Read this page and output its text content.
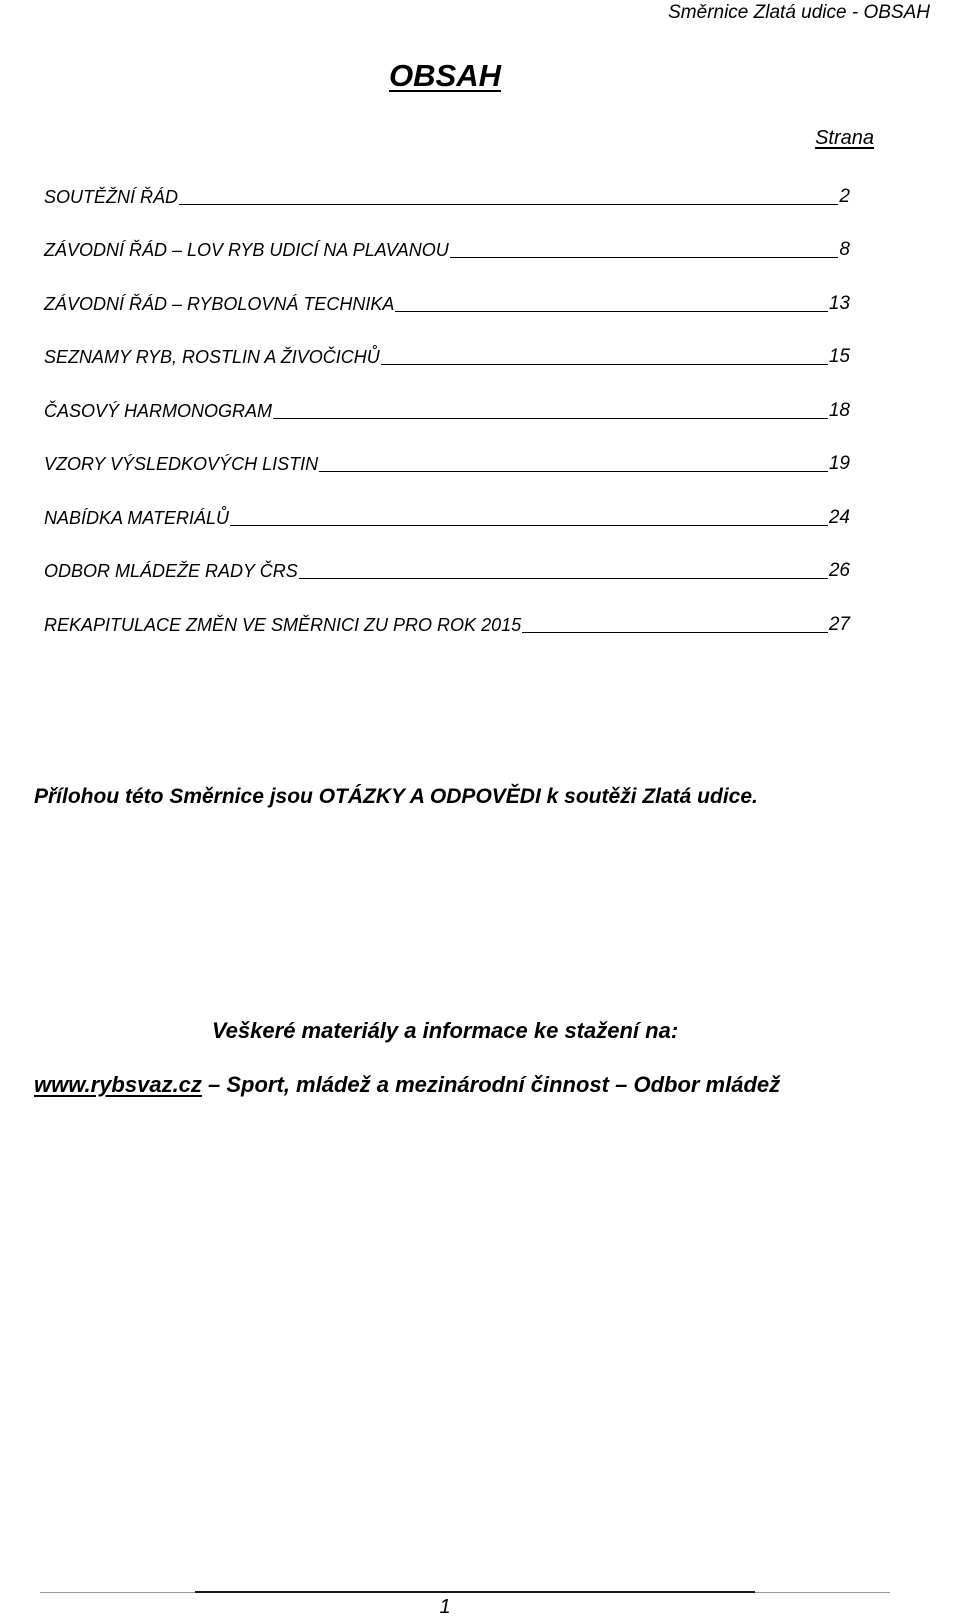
Směrnice Zlatá udice - OBSAH
OBSAH
Strana
SOUTĚŽNÍ ŘÁD	2
ZÁVODNÍ ŘÁD – LOV RYB UDICÍ NA PLAVANOU	8
ZÁVODNÍ ŘÁD – RYBOLOVNÁ TECHNIKA	13
SEZNAMY RYB, ROSTLIN A ŽIVOČICHŮ	15
ČASOVÝ HARMONOGRAM	18
VZORY VÝSLEDKOVÝCH LISTIN	19
NABÍDKA MATERIÁLŮ	24
ODBOR MLÁDEŽE RADY ČRS	26
REKAPITULACE ZMĚN VE SMĚRNICI ZU PRO ROK 2015	27
Přílohou této Směrnice jsou OTÁZKY A ODPOVĚDI k soutěži Zlatá udice.
Veškeré materiály a informace ke stažení na:
www.rybsvaz.cz – Sport, mládež a mezinárodní činnost – Odbor mládež
1
